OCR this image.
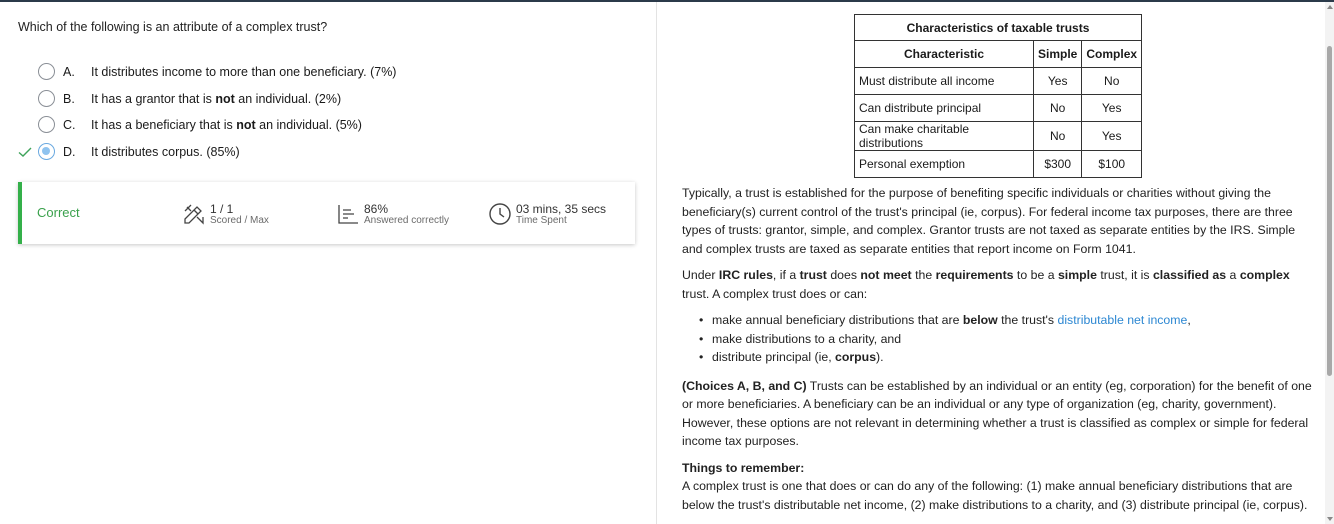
Which of the following is an attribute of a complex trust?
A. It distributes income to more than one beneficiary. (7%)
B. It has a grantor that is not an individual. (2%)
C. It has a beneficiary that is not an individual. (5%)
D. It distributes corpus. (85%)
Correct	1 / 1
Scored / Max
86%
Answered correctly
03 mins, 35 secs
Time Spent
Characteristics of taxable trusts		
Characteristic	Simple	Complex
Must distribute all income	Yes	No
Can distribute principal	No	Yes
Can make charitable distributions	No	Yes
Personal exemption	$300	$100

Typically, a trust is established for the purpose of benefiting specific individuals or charities without giving the beneficiary(s) current control of the trust's principal (ie, corpus). For federal income tax purposes, there are three types of trusts: grantor, simple, and complex. Grantor trusts are not taxed as separate entities by the IRS. Simple and complex trusts are taxed as separate entities that report income on Form 1041.

Under IRC rules, if a trust does not meet the requirements to be a simple trust, it is classified as a complex trust. A complex trust does or can:

• make annual beneficiary distributions that are below the trust's distributable net income,
• make distributions to a charity, and
• distribute principal (ie, corpus).

(Choices A, B, and C) Trusts can be established by an individual or an entity (eg, corporation) for the benefit of one or more beneficiaries. A beneficiary can be an individual or any type of organization (eg, charity, government). However, these options are not relevant in determining whether a trust is classified as complex or simple for federal income tax purposes.

Things to remember:
A complex trust is one that does or can do any of the following: (1) make annual beneficiary distributions that are below the trust's distributable net income, (2) make distributions to a charity, and (3) distribute principal (ie, corpus).
